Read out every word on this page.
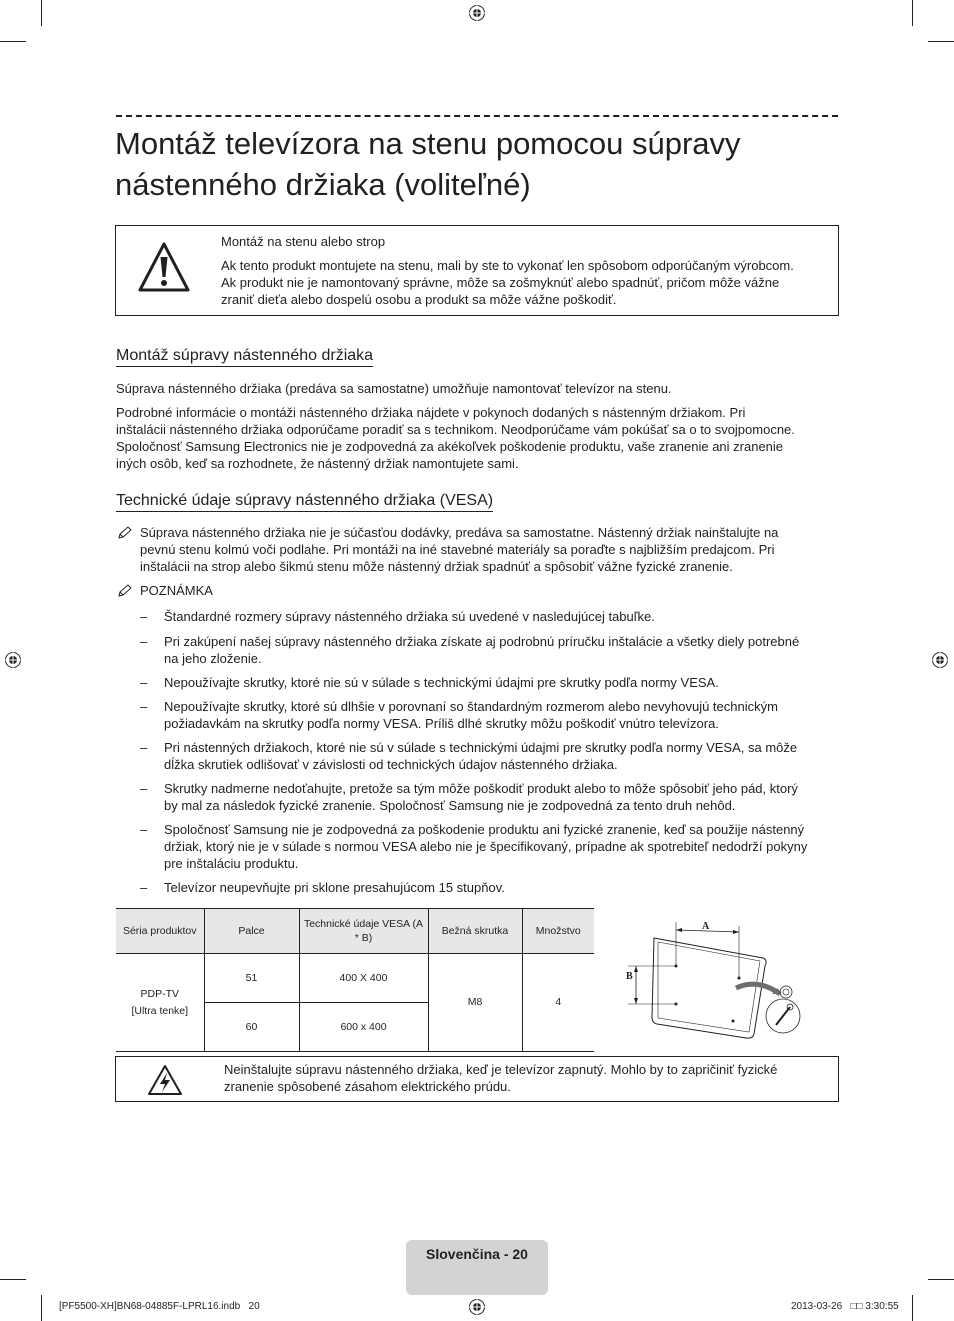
Montáž televízora na stenu pomocou súpravy
nástenného držiaka (voliteľné)
Montáž na stenu alebo strop
Ak tento produkt montujete na stenu, mali by ste to vykonať len spôsobom odporúčaným výrobcom.
Ak produkt nie je namontovaný správne, môže sa zošmyknúť alebo spadnúť, pričom môže vážne
zraniť dieťa alebo dospelú osobu a produkt sa môže vážne poškodiť.
Montáž súpravy nástenného držiaka
Súprava nástenného držiaka (predáva sa samostatne) umožňuje namontovať televízor na stenu.
Podrobné informácie o montáži nástenného držiaka nájdete v pokynoch dodaných s nástenným držiakom. Pri
inštalácii nástenného držiaka odporúčame poradiť sa s technikom. Neodporúčame vám pokúšať sa o to svojpomocne.
Spoločnosť Samsung Electronics nie je zodpovedná za akékoľvek poškodenie produktu, vaše zranenie ani zranenie
iných osôb, keď sa rozhodnete, že nástenný držiak namontujete sami.
Technické údaje súpravy nástenného držiaka (VESA)
Súprava nástenného držiaka nie je súčasťou dodávky, predáva sa samostatne. Nástenný držiak nainštalujte na
pevnú stenu kolmú voči podlahe. Pri montáži na iné stavebné materiály sa poraďte s najbližším predajcom. Pri
inštalácii na strop alebo šikmú stenu môže nástenný držiak spadnúť a spôsobiť vážne fyzické zranenie.
POZNÁMKA
– Štandardné rozmery súpravy nástenného držiaka sú uvedené v nasledujúcej tabuľke.
– Pri zakúpení našej súpravy nástenného držiaka získate aj podrobnú príručku inštalácie a všetky diely potrebné
na jeho zloženie.
– Nepoužívajte skrutky, ktoré nie sú v súlade s technickými údajmi pre skrutky podľa normy VESA.
– Nepoužívajte skrutky, ktoré sú dlhšie v porovnaní so štandardným rozmerom alebo nevyhovujú technickým
požiadavkám na skrutky podľa normy VESA. Príliš dlhé skrutky môžu poškodiť vnútro televízora.
– Pri nástenných držiakoch, ktoré nie sú v súlade s technickými údajmi pre skrutky podľa normy VESA, sa môže
dĺžka skrutiek odlišovať v závislosti od technických údajov nástenného držiaka.
– Skrutky nadmerne nedoťahujte, pretože sa tým môže poškodiť produkt alebo to môže spôsobiť jeho pád, ktorý
by mal za následok fyzické zranenie. Spoločnosť Samsung nie je zodpovedná za tento druh nehôd.
– Spoločnosť Samsung nie je zodpovedná za poškodenie produktu ani fyzické zranenie, keď sa použije nástenný
držiak, ktorý nie je v súlade s normou VESA alebo nie je špecifikovaný, prípadne ak spotrebiteľ nedodrží pokyny
pre inštaláciu produktu.
– Televízor neupevňujte pri sklone presahujúcom 15 stupňov.
Séria produktov	Palce	Technické údaje VESA (A * B)	Bežná skrutka	Množstvo

PDP-TV
[Ultra tenke]	51	400 X 400	M8	4
	60	600 x 400		
A
B
Neinštalujte súpravu nástenného držiaka, keď je televízor zapnutý. Mohlo by to zapričiniť fyzické
zranenie spôsobené zásahom elektrického prúdu.
Slovenčina - 20
[PF5500-XH]BN68-04885F-LPRL16.indb   20	2013-03-26   □□ 3:30:55
